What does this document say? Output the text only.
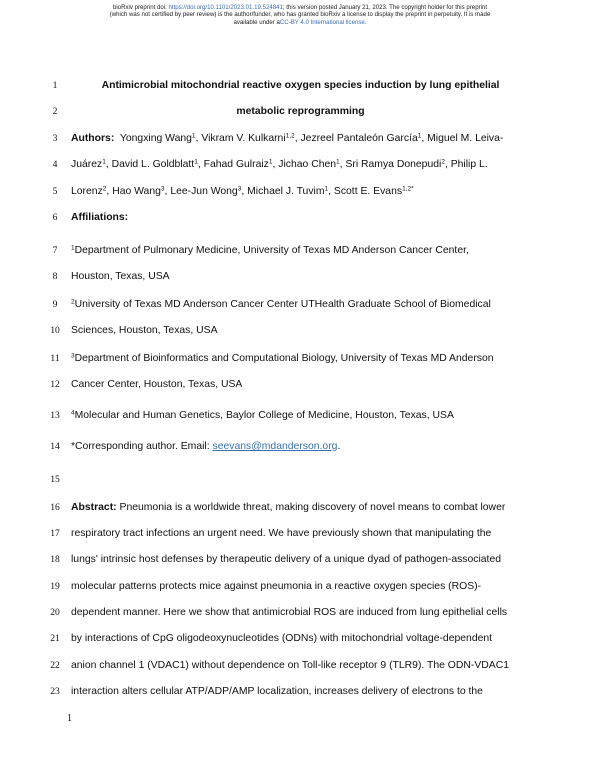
bioRxiv preprint doi: https://doi.org/10.1101/2023.01.19.524841; this version posted January 21, 2023. The copyright holder for this preprint
(which was not certified by peer review) is the author/funder, who has granted bioRxiv a license to display the preprint in perpetuity. It is made
available under aCC-BY 4.0 International license.
1	Antimicrobial mitochondrial reactive oxygen species induction by lung epithelial
2	metabolic reprogramming
3	Authors: Yongxing Wang$^1$, Vikram V. Kulkarni$^{1,2}$, Jezreel Pantaleón García$^1$, Miguel M. Leiva-
4	Juárez$^1$, David L. Goldblatt$^1$, Fahad Gulraiz$^1$, Jichao Chen$^1$, Sri Ramya Donepudi$^2$, Philip L.
5	Lorenz$^2$, Hao Wang$^3$, Lee-Jun Wong$^3$, Michael J. Tuvim$^1$, Scott E. Evans$^{1,2*}$
6	Affiliations:
7	$^1$Department of Pulmonary Medicine, University of Texas MD Anderson Cancer Center,
8	Houston, Texas, USA
9	$^2$University of Texas MD Anderson Cancer Center UTHealth Graduate School of Biomedical
10	Sciences, Houston, Texas, USA
11	$^3$Department of Bioinformatics and Computational Biology, University of Texas MD Anderson
12	Cancer Center, Houston, Texas, USA
13	$^4$Molecular and Human Genetics, Baylor College of Medicine, Houston, Texas, USA
14	*Corresponding author. Email: seevans@mdanderson.org.
15
16	Abstract: Pneumonia is a worldwide threat, making discovery of novel means to combat lower
17	respiratory tract infections an urgent need. We have previously shown that manipulating the
18	lungs' intrinsic host defenses by therapeutic delivery of a unique dyad of pathogen-associated
19	molecular patterns protects mice against pneumonia in a reactive oxygen species (ROS)-
20	dependent manner. Here we show that antimicrobial ROS are induced from lung epithelial cells
21	by interactions of CpG oligodeoxynucleotides (ODNs) with mitochondrial voltage-dependent
22	anion channel 1 (VDAC1) without dependence on Toll-like receptor 9 (TLR9). The ODN-VDAC1
23	interaction alters cellular ATP/ADP/AMP localization, increases delivery of electrons to the
1
